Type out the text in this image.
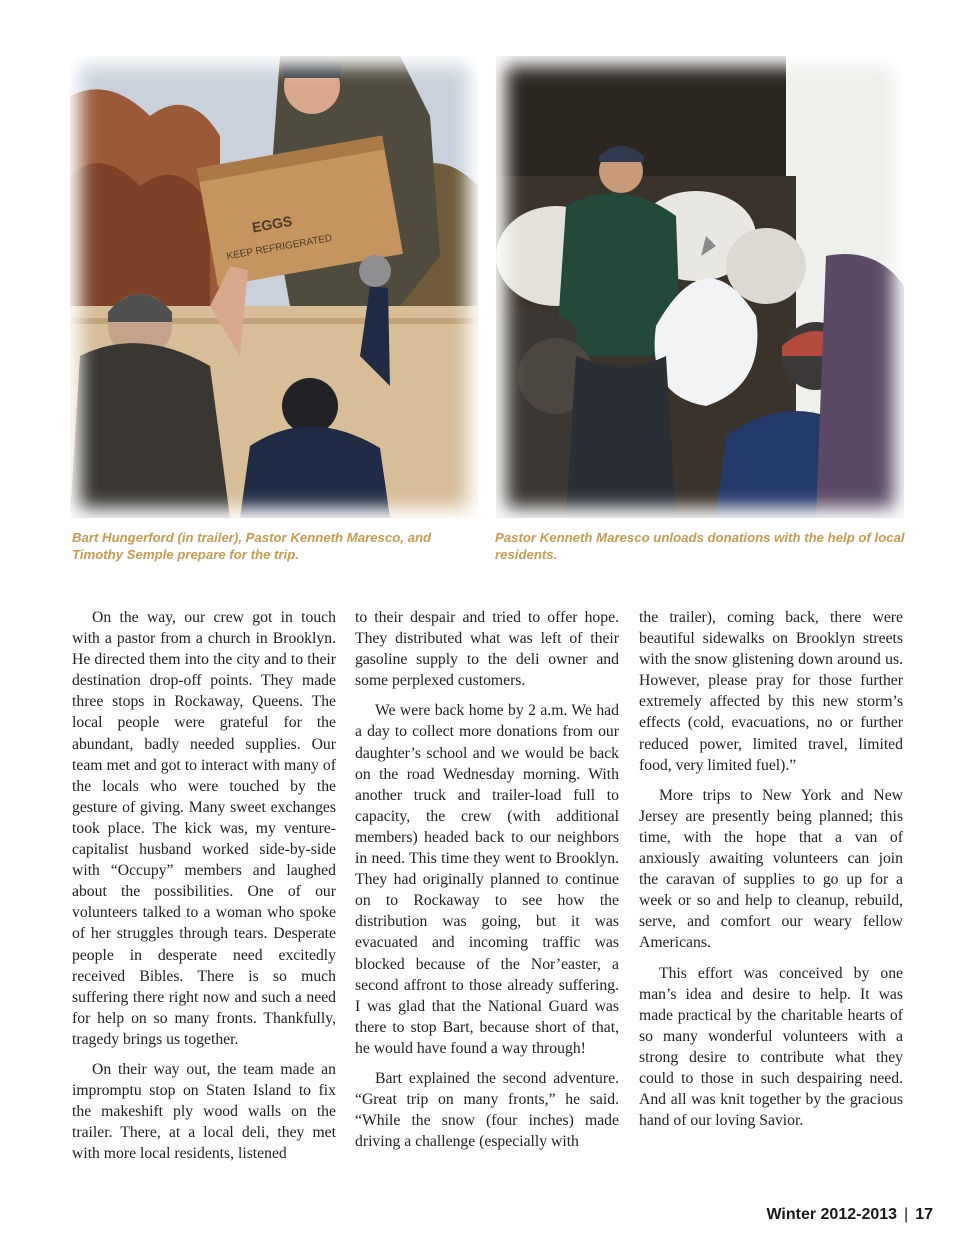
EGGS
KEEP REFRIGERATED
Bart Hungerford (in trailer), Pastor Kenneth Maresco, and Timothy Semple prepare for the trip.
Pastor Kenneth Maresco unloads donations with the help of local residents.

On the way, our crew got in touch with a pastor from a church in Brooklyn. He directed them into the city and to their destination drop-off points. They made three stops in Rockaway, Queens. The local people were grateful for the abundant, badly needed supplies. Our team met and got to interact with many of the locals who were touched by the gesture of giving. Many sweet exchanges took place. The kick was, my venture-capitalist husband worked side-by-side with “Occupy” members and laughed about the possibilities. One of our volunteers talked to a woman who spoke of her struggles through tears. Desperate people in desperate need excitedly received Bibles. There is so much suffering there right now and such a need for help on so many fronts. Thankfully, tragedy brings us together.

On their way out, the team made an impromptu stop on Staten Island to fix the makeshift ply wood walls on the trailer. There, at a local deli, they met with more local residents, listened

to their despair and tried to offer hope. They distributed what was left of their gasoline supply to the deli owner and some perplexed customers.

We were back home by 2 a.m. We had a day to collect more donations from our daughter’s school and we would be back on the road Wednesday morning. With another truck and trailer-load full to capacity, the crew (with additional members) headed back to our neighbors in need. This time they went to Brooklyn. They had originally planned to continue on to Rockaway to see how the distribution was going, but it was evacuated and incoming traffic was blocked because of the Nor’easter, a second affront to those already suffering. I was glad that the National Guard was there to stop Bart, because short of that, he would have found a way through!

Bart explained the second adventure. “Great trip on many fronts,” he said. “While the snow (four inches) made driving a challenge (especially with

the trailer), coming back, there were beautiful sidewalks on Brooklyn streets with the snow glistening down around us. However, please pray for those further extremely affected by this new storm’s effects (cold, evacuations, no or further reduced power, limited travel, limited food, very limited fuel).”

More trips to New York and New Jersey are presently being planned; this time, with the hope that a van of anxiously awaiting volunteers can join the caravan of supplies to go up for a week or so and help to cleanup, rebuild, serve, and comfort our weary fellow Americans.

This effort was conceived by one man’s idea and desire to help. It was made practical by the charitable hearts of so many wonderful volunteers with a strong desire to contribute what they could to those in such despairing need. And all was knit together by the gracious hand of our loving Savior.

Winter 2012-2013 | 17
